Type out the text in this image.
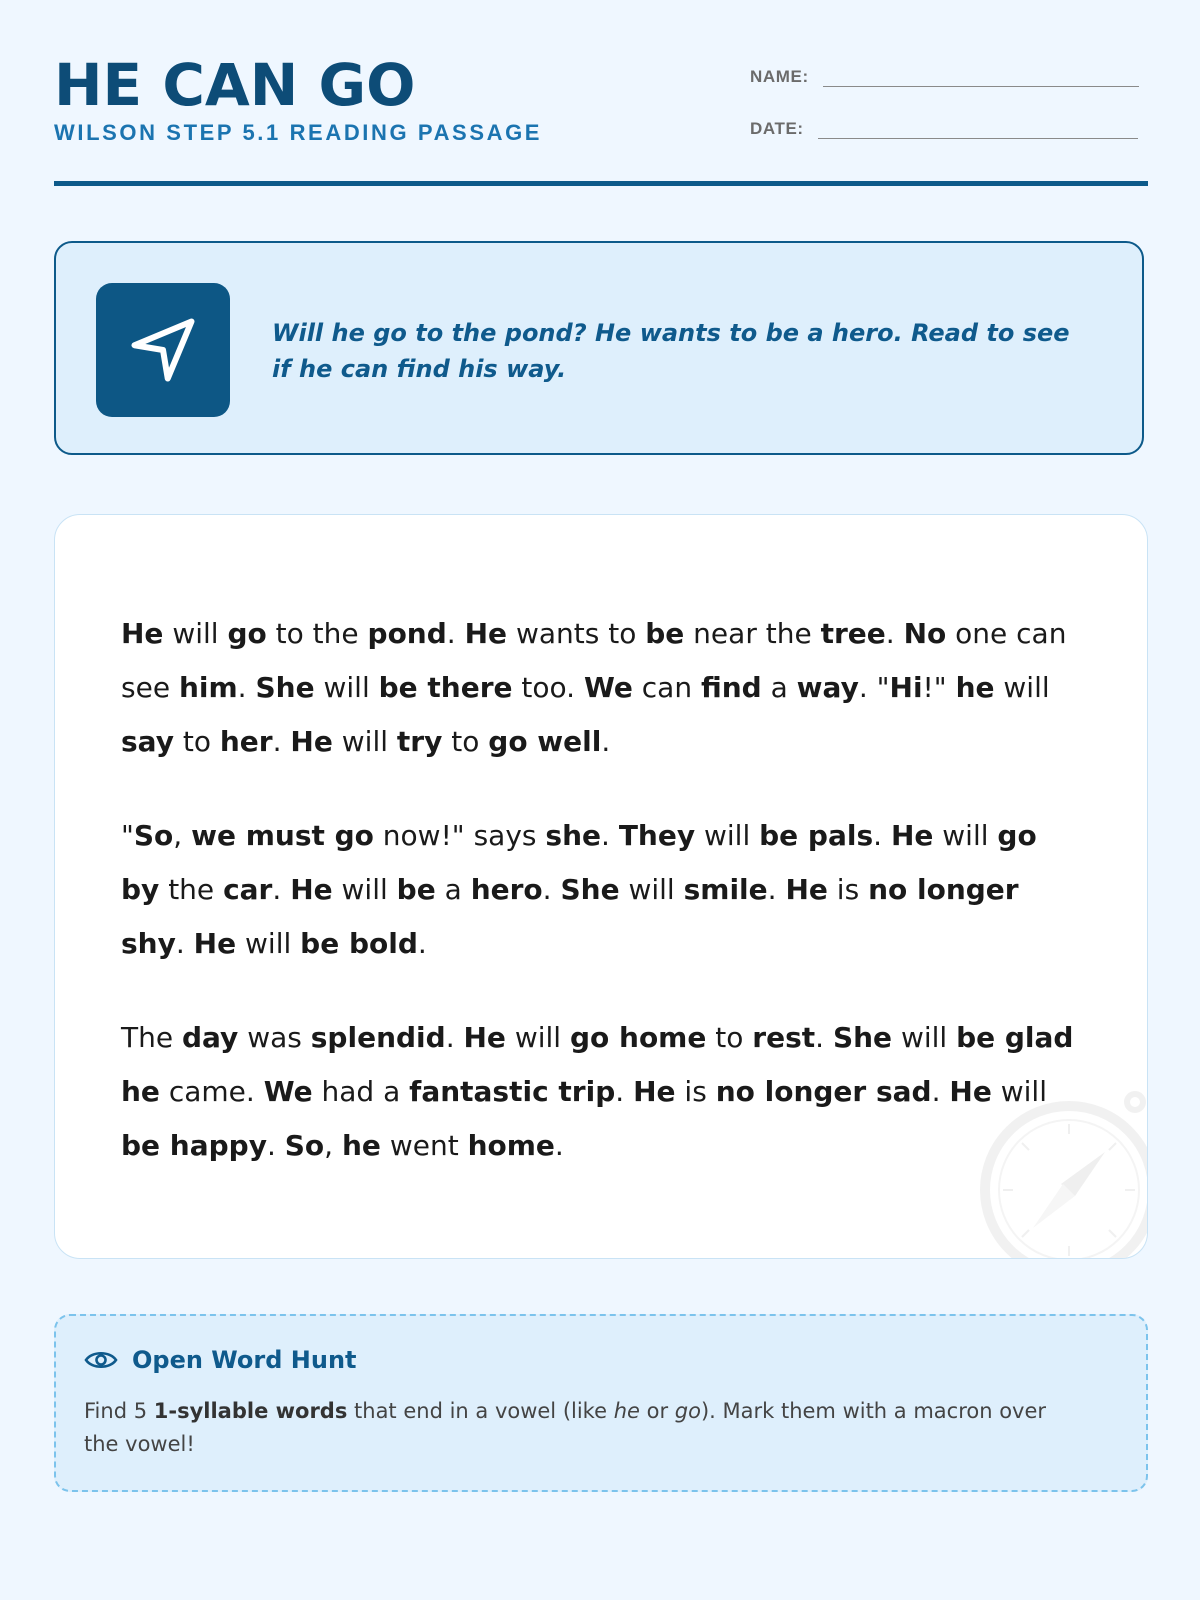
HE CAN GO
WILSON STEP 5.1 READING PASSAGE
NAME:
DATE:
Will he go to the pond? He wants to be a hero. Read to see if he can find his way.

He will go to the pond. He wants to be near the tree. No one can see him. She will be there too. We can find a way. "Hi!" he will say to her. He will try to go well.

"So, we must go now!" says she. They will be pals. He will go by the car. He will be a hero. She will smile. He is no longer shy. He will be bold.

The day was splendid. He will go home to rest. She will be glad he came. We had a fantastic trip. He is no longer sad. He will be happy. So, he went home.

Open Word Hunt
Find 5 1-syllable words that end in a vowel (like he or go). Mark them with a macron over the vowel!
